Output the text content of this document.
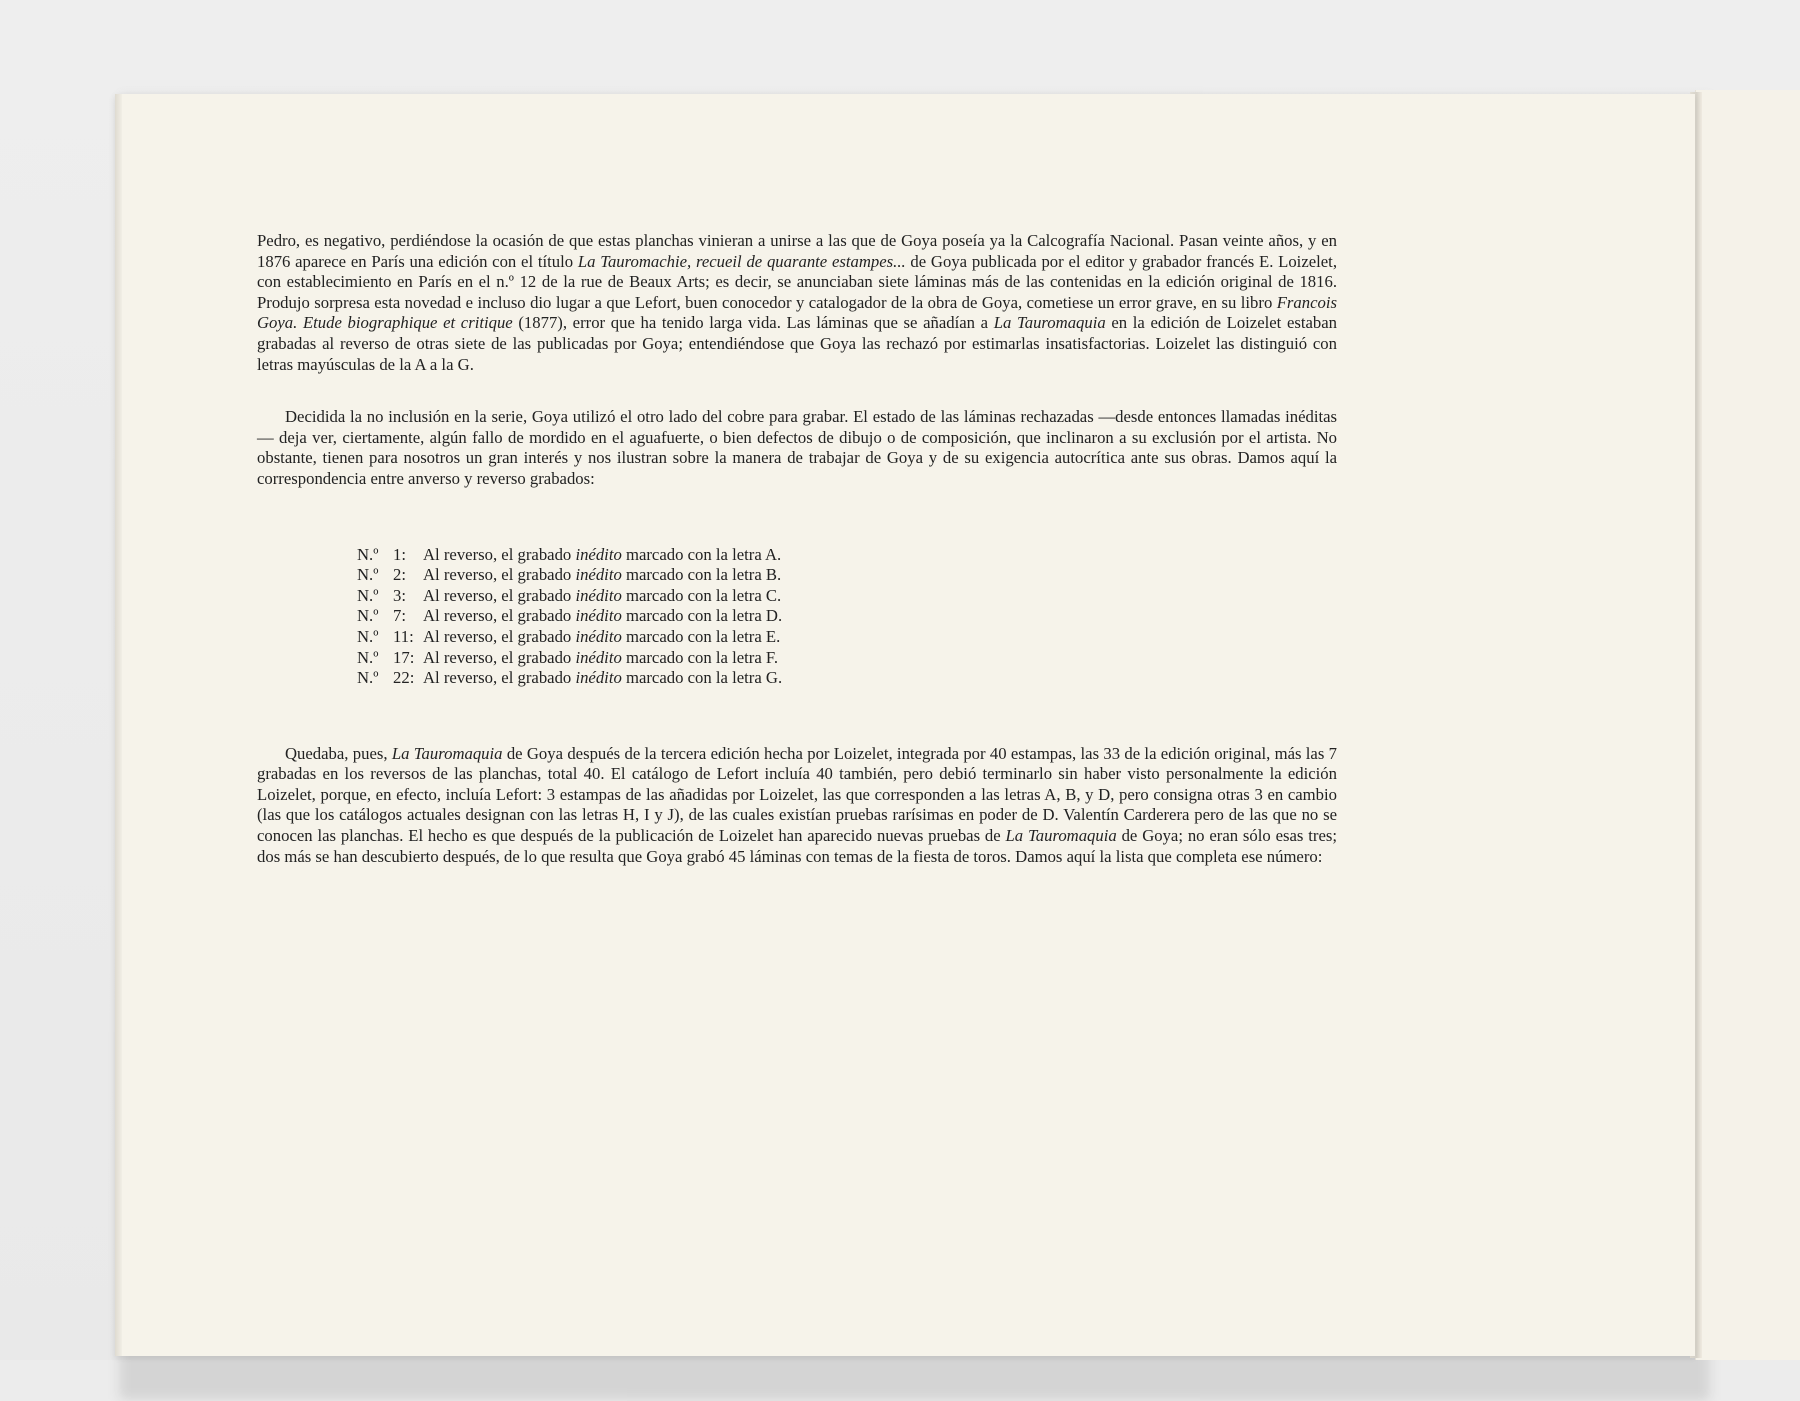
Pedro, es negativo, perdiéndose la ocasión de que estas planchas vinieran a unirse a las que de Goya poseía ya la Calcografía Nacional. Pasan veinte años, y en 1876 aparece en París una edición con el título La Tauromachie, recueil de quarante estampes... de Goya publicada por el editor y grabador francés E. Loizelet, con establecimiento en París en el n.º 12 de la rue de Beaux Arts; es decir, se anunciaban siete láminas más de las contenidas en la edición original de 1816. Produjo sorpresa esta novedad e incluso dio lugar a que Lefort, buen conocedor y catalogador de la obra de Goya, cometiese un error grave, en su libro Francois Goya. Etude biographique et critique (1877), error que ha tenido larga vida. Las láminas que se añadían a La Tauromaquia en la edición de Loizelet estaban grabadas al reverso de otras siete de las publicadas por Goya; entendiéndose que Goya las rechazó por estimarlas insatisfactorias. Loizelet las distinguió con letras mayúsculas de la A a la G.

Decidida la no inclusión en la serie, Goya utilizó el otro lado del cobre para grabar. El estado de las láminas rechazadas —desde entonces llamadas inéditas— deja ver, ciertamente, algún fallo de mordido en el aguafuerte, o bien defectos de dibujo o de composición, que inclinaron a su exclusión por el artista. No obstante, tienen para nosotros un gran interés y nos ilustran sobre la manera de trabajar de Goya y de su exigencia autocrítica ante sus obras. Damos aquí la correspondencia entre anverso y reverso grabados:

N.º 1:	Al reverso, el grabado inédito marcado con la letra A.
N.º 2:	Al reverso, el grabado inédito marcado con la letra B.
N.º 3:	Al reverso, el grabado inédito marcado con la letra C.
N.º 7:	Al reverso, el grabado inédito marcado con la letra D.
N.º 11: Al reverso, el grabado inédito marcado con la letra E.
N.º 17: Al reverso, el grabado inédito marcado con la letra F.
N.º 22: Al reverso, el grabado inédito marcado con la letra G.

Quedaba, pues, La Tauromaquia de Goya después de la tercera edición hecha por Loizelet, integrada por 40 estampas, las 33 de la edición original, más las 7 grabadas en los reversos de las planchas, total 40. El catálogo de Lefort incluía 40 también, pero debió terminarlo sin haber visto personalmente la edición Loizelet, porque, en efecto, incluía Lefort: 3 estampas de las añadidas por Loizelet, las que corresponden a las letras A, B, y D, pero consigna otras 3 en cambio (las que los catálogos actuales designan con las letras H, I y J), de las cuales existían pruebas rarísimas en poder de D. Valentín Carderera pero de las que no se conocen las planchas. El hecho es que después de la publicación de Loizelet han aparecido nuevas pruebas de La Tauromaquia de Goya; no eran sólo esas tres; dos más se han descubierto después, de lo que resulta que Goya grabó 45 láminas con temas de la fiesta de toros. Damos aquí la lista que completa ese número:
